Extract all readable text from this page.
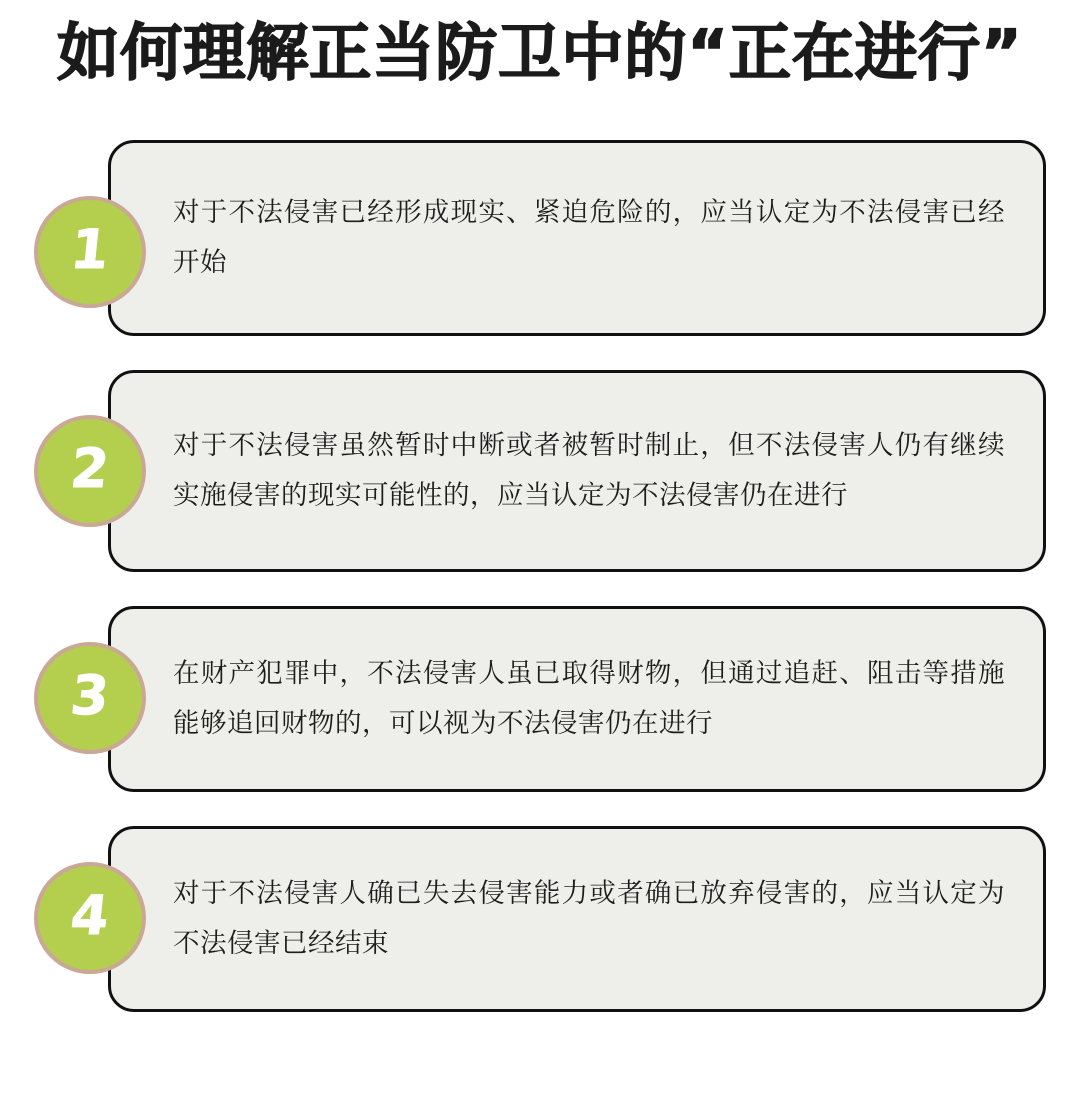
如何理解正当防卫中的“正在进行”
1
对于不法侵害已经形成现实、紧迫危险的，应当认定为不法侵害已经开始
2 对于不法侵害虽然暂时中断或者被暂时制止，但不法侵害人仍有继续实施侵害的现实可能性的，应当认定为不法侵害仍在进行
3 在财产犯罪中，不法侵害人虽已取得财物，但通过追赶、阻击等措施能够追回财物的，可以视为不法侵害仍在进行
4 对于不法侵害人确已失去侵害能力或者确已放弃侵害的，应当认定为不法侵害已经结束
